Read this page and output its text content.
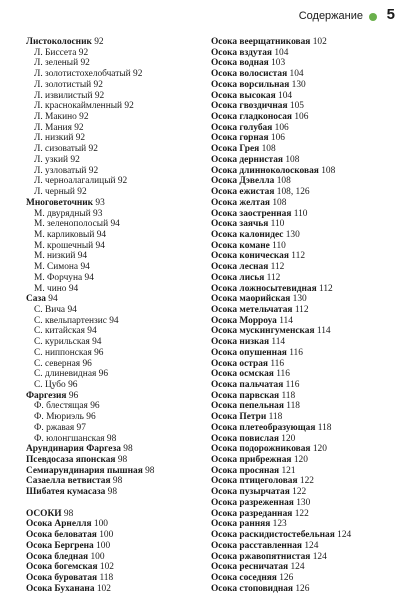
Содержание 5
Листоколосник 92
Л. Биссета 92
Л. зеленый 92
Л. золотистохелобчатый 92
Л. золотистый 92
Л. извилистый 92
Л. краснокаймленный 92
Л. Макино 92
Л. Мания 92
Л. низкий 92
Л. сизоватый 92
Л. узкий 92
Л. узловатый 92
Л. черноалагалицый 92
Л. черный 92
Многоветочник 93
М. двурядный 93
М. зеленополосый 94
М. карликовый 94
М. крошечный 94
М. низкий 94
М. Симона 94
М. Форчуна 94
М. чино 94
Саза 94
С. Вича 94
С. квельпартензис 94
С. китайская 94
С. курильская 94
С. ниппонская 96
С. северная 96
С. длиневидная 96
С. Цубо 96
Фаргезия 96
Ф. блестящая 96
Ф. Мюриэль 96
Ф. ржавая 97
Ф. юлонгшанская 98
Арундинария Фаргеза 98
Псевдосаза японская 98
Семиарундинария пышная 98
Сазаелла ветвистая 98
Шибатея кумасаза 98
ОСОКИ 98
Осока Арнелля 100
Осока беловатая 100
Осока Бергрена 100
Осока бледная 100
Осока богемская 102
Осока буроватая 118
Осока Буханана 102
Осока веерщатниковая 102
Осока вздутая 104
Осока водная 103
Осока волосистая 104
Осока ворсильная 130
Осока высокая 104
Осока гвоздичная 105
Осока гладконосая 106
Осока голубая 106
Осока горная 106
Осока Грея 108
Осока дернистая 108
Осока длинноколосковая 108
Осока Дэвелла 108
Осока ежистая 108, 126
Осока желтая 108
Осока заостренная 110
Осока заячья 110
Осока калонидес 130
Осока комане 110
Осока коническая 112
Осока лесная 112
Осока лисья 112
Осока ложносытевидная 112
Осока маорийская 130
Осока метельчатая 112
Осока Морроуа 114
Осока мускингуменская 114
Осока низкая 114
Осока опушенная 116
Осока острая 116
Осока осмская 116
Осока пальчатая 116
Осока парвская 118
Осока пепельная 118
Осока Петри 118
Осока плетеобразующая 118
Осока повислая 120
Осока подорожниковая 120
Осока прибрежная 120
Осока просяная 121
Осока птицеголовая 122
Осока пузырчатая 122
Осока разреженная 130
Осока разреданная 122
Осока ранняя 123
Осока раскидистостебельная 124
Осока расставленная 124
Осока ржавопятнистая 124
Осока ресничатая 124
Осока соседняя 126
Осока стоповидная 126
